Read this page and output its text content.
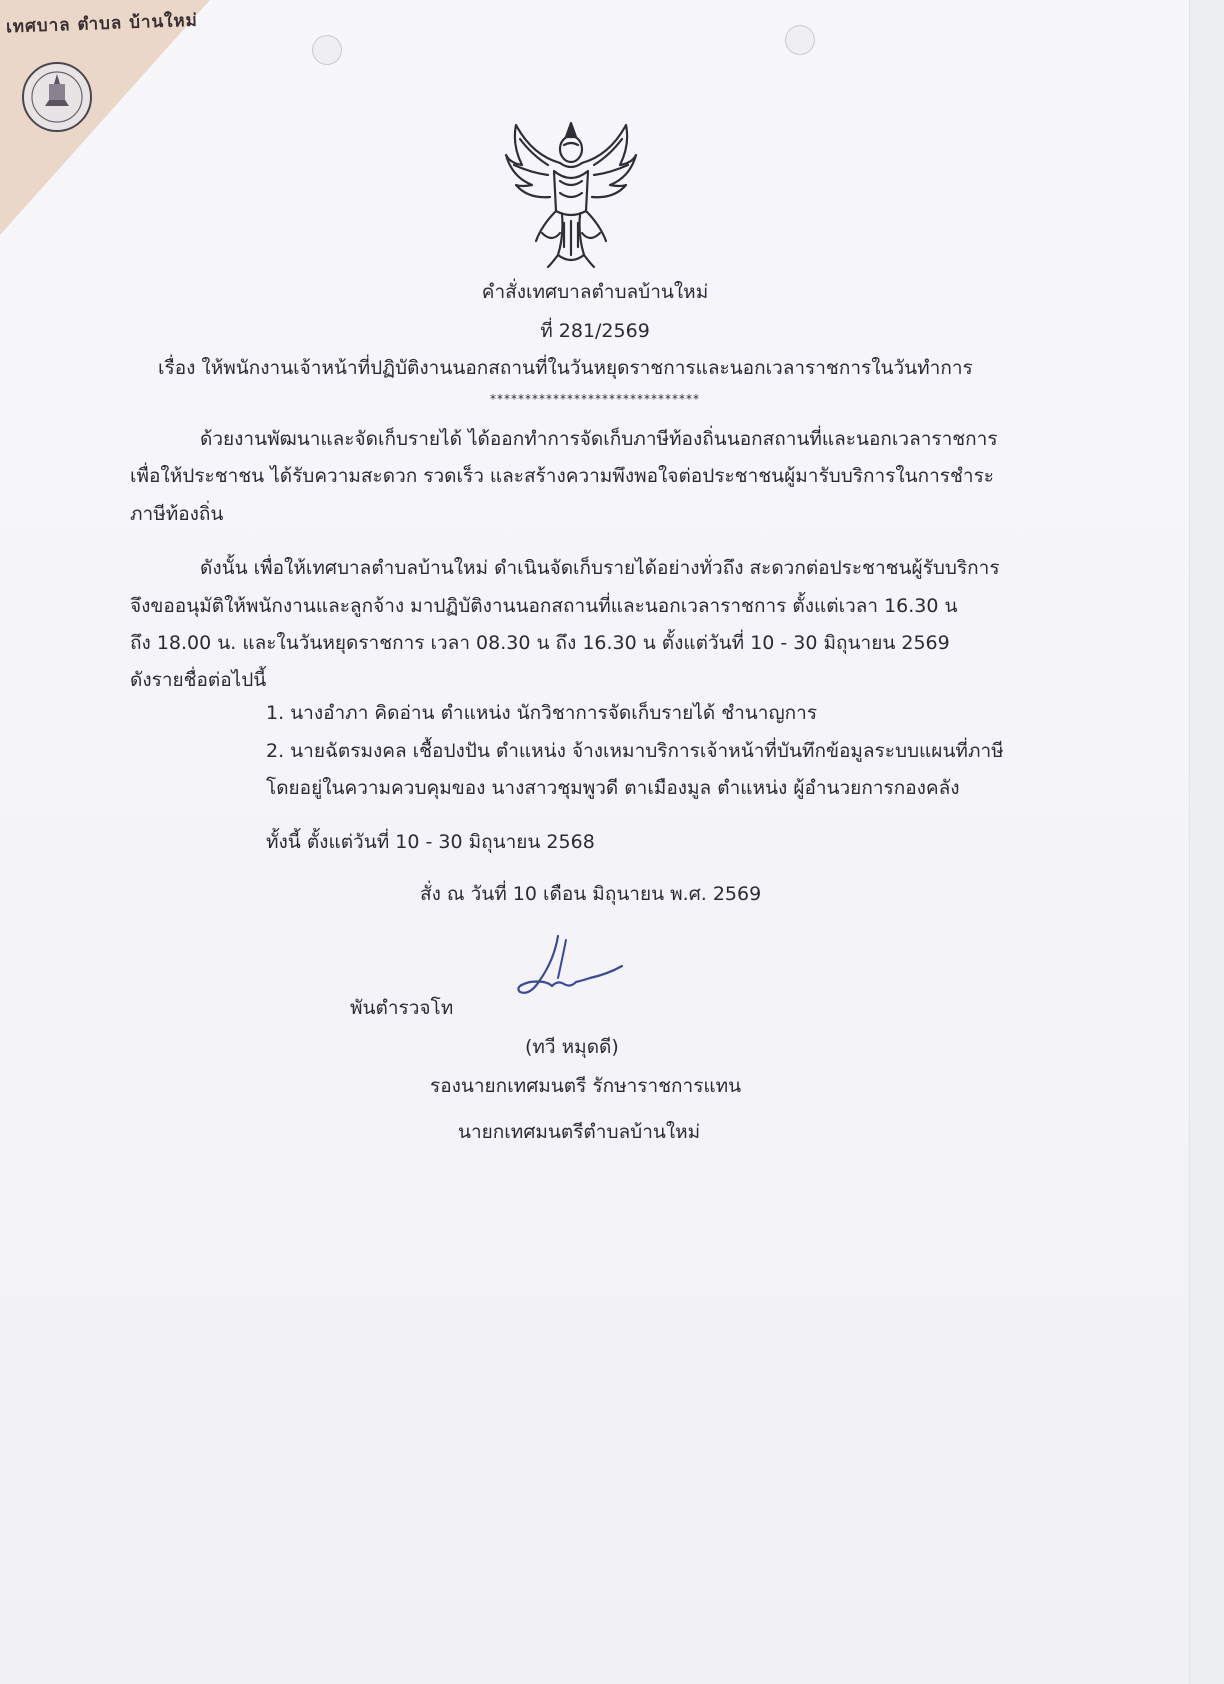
เทศบาล ตำบล บ้านใหม่
คำสั่งเทศบาลตำบลบ้านใหม่
ที่ 281/2569
เรื่อง ให้พนักงานเจ้าหน้าที่ปฏิบัติงานนอกสถานที่ในวันหยุดราชการและนอกเวลาราชการในวันทำการ
******************************
ด้วยงานพัฒนาและจัดเก็บรายได้ ได้ออกทำการจัดเก็บภาษีท้องถิ่นนอกสถานที่และนอกเวลาราชการ
เพื่อให้ประชาชน ได้รับความสะดวก รวดเร็ว และสร้างความพึงพอใจต่อประชาชนผู้มารับบริการในการชำระ
ภาษีท้องถิ่น
ดังนั้น เพื่อให้เทศบาลตำบลบ้านใหม่ ดำเนินจัดเก็บรายได้อย่างทั่วถึง สะดวกต่อประชาชนผู้รับบริการ
จึงขออนุมัติให้พนักงานและลูกจ้าง มาปฏิบัติงานนอกสถานที่และนอกเวลาราชการ ตั้งแต่เวลา 16.30 น
ถึง 18.00 น. และในวันหยุดราชการ เวลา 08.30 น ถึง 16.30 น ตั้งแต่วันที่ 10 - 30 มิถุนายน 2569
ดังรายชื่อต่อไปนี้
1. นางอำภา คิดอ่าน ตำแหน่ง นักวิชาการจัดเก็บรายได้ ชำนาญการ
2. นายฉัตรมงคล เชื้อปงปัน ตำแหน่ง จ้างเหมาบริการเจ้าหน้าที่บันทึกข้อมูลระบบแผนที่ภาษี
โดยอยู่ในความควบคุมของ นางสาวชุมพูวดี ตาเมืองมูล ตำแหน่ง ผู้อำนวยการกองคลัง
ทั้งนี้ ตั้งแต่วันที่ 10 - 30 มิถุนายน 2568
สั่ง ณ วันที่ 10 เดือน มิถุนายน พ.ศ. 2569
พันตำรวจโท
(ทวี หมุดดี)
รองนายกเทศมนตรี รักษาราชการแทน
นายกเทศมนตรีตำบลบ้านใหม่
